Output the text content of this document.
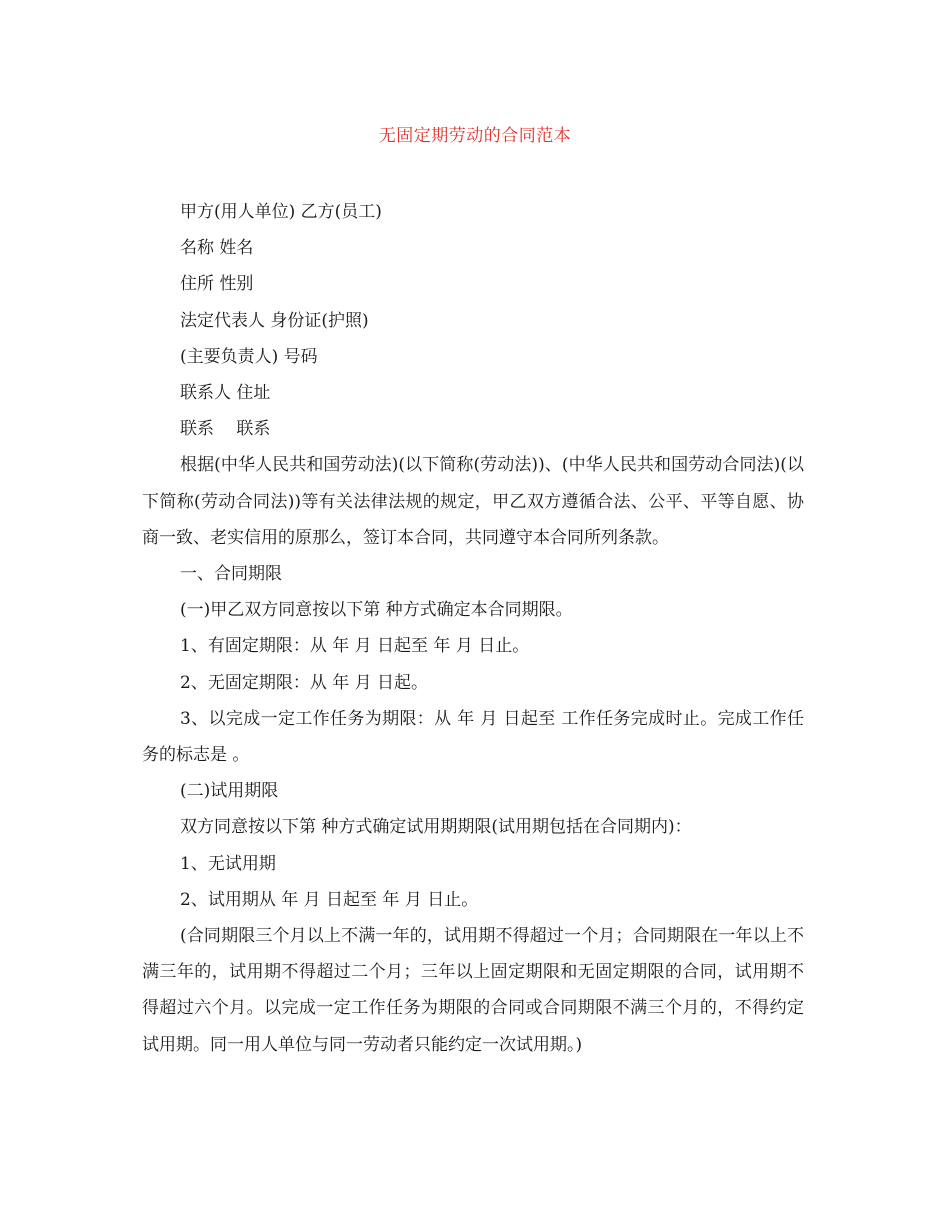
无固定期劳动的合同范本

甲方(用人单位) 乙方(员工)

名称 姓名

住所 性别

法定代表人 身份证(护照)

(主要负责人) 号码

联系人 住址

联系　 联系

根据(中华人民共和国劳动法)(以下简称(劳动法))、(中华人民共和国劳动合同法)(以下简称(劳动合同法))等有关法律法规的规定，甲乙双方遵循合法、公平、平等自愿、协商一致、老实信用的原那么，签订本合同，共同遵守本合同所列条款。

一、合同期限

(一)甲乙双方同意按以下第 种方式确定本合同期限。

1、有固定期限：从 年 月 日起至 年 月 日止。

2、无固定期限：从 年 月 日起。

3、以完成一定工作任务为期限：从 年 月 日起至 工作任务完成时止。完成工作任务的标志是 。

(二)试用期限

双方同意按以下第 种方式确定试用期期限(试用期包括在合同期内)：

1、无试用期

2、试用期从 年 月 日起至 年 月 日止。

(合同期限三个月以上不满一年的，试用期不得超过一个月；合同期限在一年以上不满三年的，试用期不得超过二个月；三年以上固定期限和无固定期限的合同，试用期不得超过六个月。以完成一定工作任务为期限的合同或合同期限不满三个月的，不得约定试用期。同一用人单位与同一劳动者只能约定一次试用期。)
